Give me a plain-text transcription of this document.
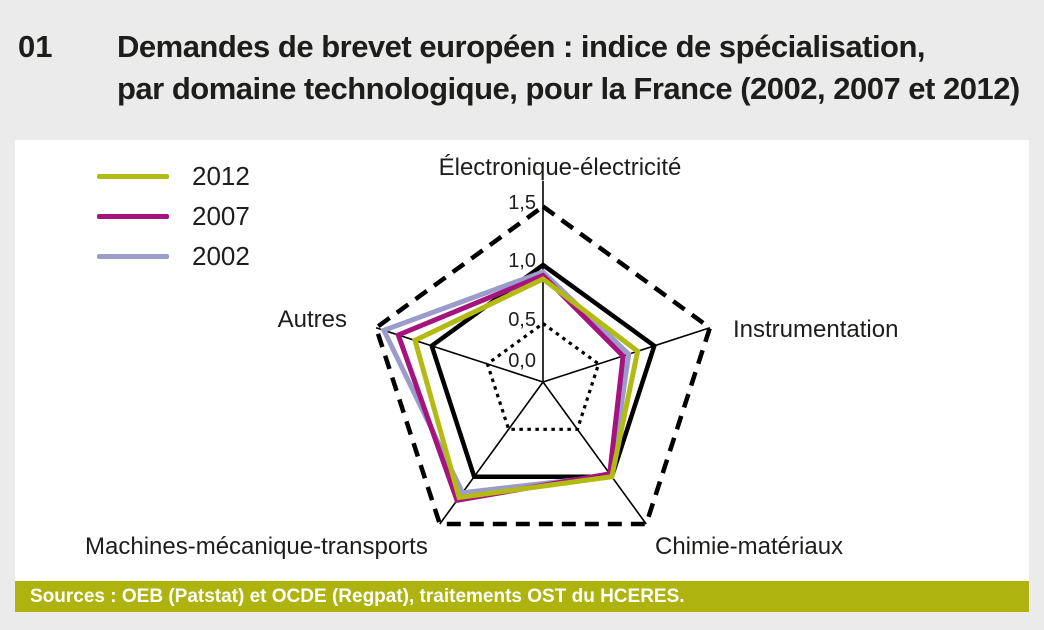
01	Demandes de brevet européen : indice de spécialisation,
par domaine technologique, pour la France (2002, 2007 et 2012)
2012
2007
2002
Électronique-électricité
Instrumentation
Chimie-matériaux
Machines-mécanique-transports
Autres
1,5
1,0
0,5
0,0
Sources : OEB (Patstat) et OCDE (Regpat), traitements OST du HCERES.
